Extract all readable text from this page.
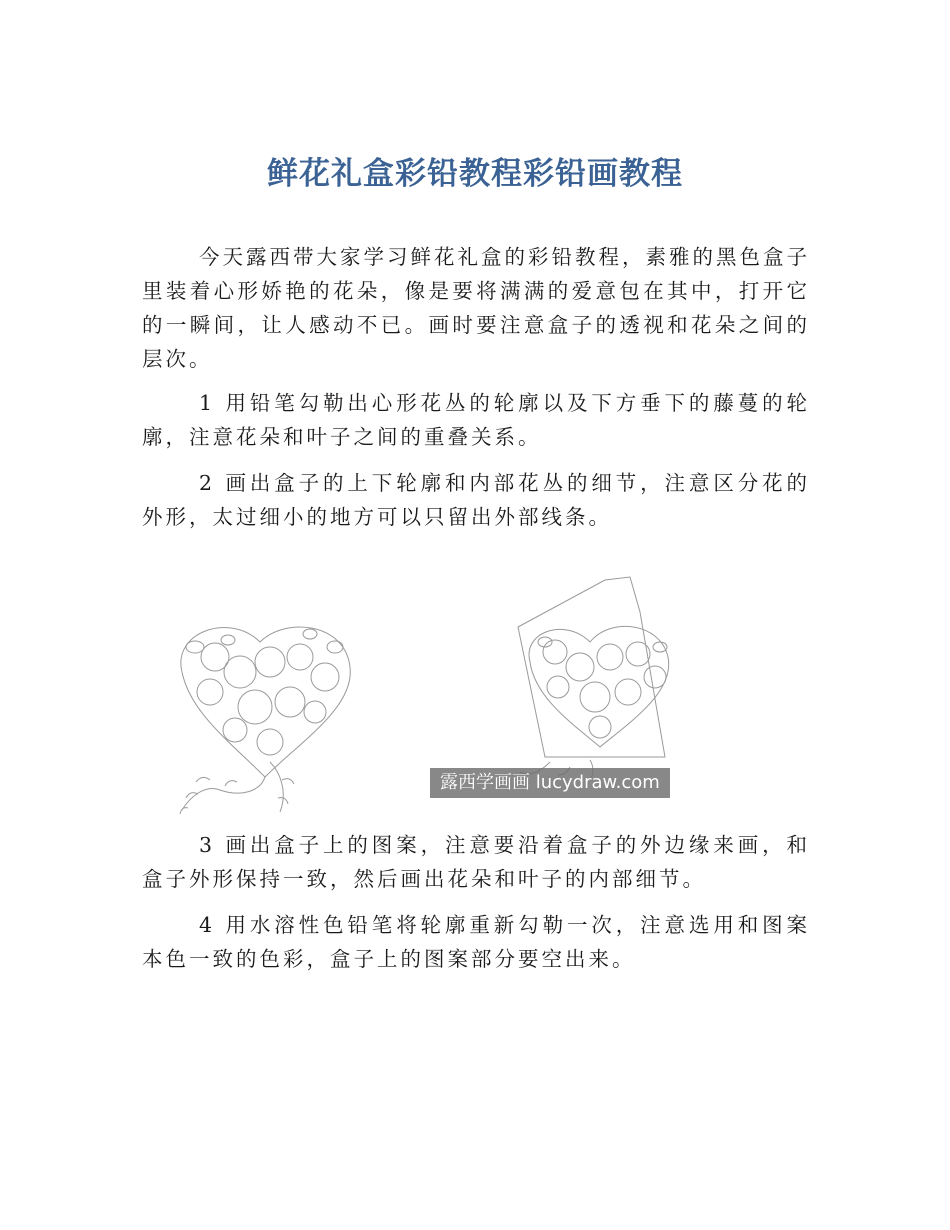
鲜花礼盒彩铅教程彩铅画教程

今天露西带大家学习鲜花礼盒的彩铅教程，素雅的黑色盒子里装着心形娇艳的花朵，像是要将满满的爱意包在其中，打开它的一瞬间，让人感动不已。画时要注意盒子的透视和花朵之间的层次。

1 用铅笔勾勒出心形花丛的轮廓以及下方垂下的藤蔓的轮廓，注意花朵和叶子之间的重叠关系。

2 画出盒子的上下轮廓和内部花丛的细节，注意区分花的外形，太过细小的地方可以只留出外部线条。

露西学画画 lucydraw.com

3 画出盒子上的图案，注意要沿着盒子的外边缘来画，和盒子外形保持一致，然后画出花朵和叶子的内部细节。

4 用水溶性色铅笔将轮廓重新勾勒一次，注意选用和图案本色一致的色彩，盒子上的图案部分要空出来。
